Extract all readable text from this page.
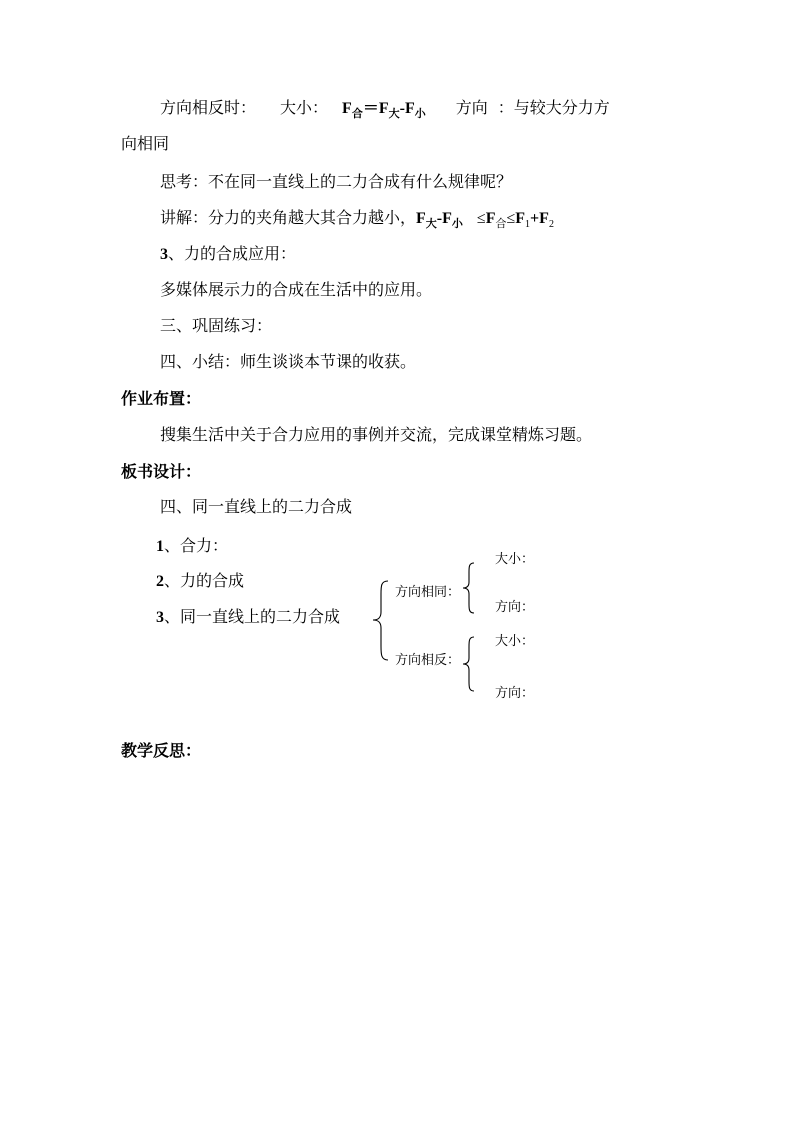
方向相反时： 大小： $F_合=F_大-F_小$ 方向 ：与较大分力方
向相同
思考：不在同一直线上的二力合成有什么规律呢？
讲解：分力的夹角越大其合力越小，$F_大-F_小 \le F_合\le F_1+F_2$
3、力的合成应用：
多媒体展示力的合成在生活中的应用。
三、巩固练习：
四、小结：师生谈谈本节课的收获。
作业布置：
搜集生活中关于合力应用的事例并交流，完成课堂精炼习题。
板书设计：
四、同一直线上的二力合成
1、合力：
2、力的合成
3、同一直线上的二力合成
方向相同：
大小：
方向：
方向相反：
大小：
方向：
教学反思：
